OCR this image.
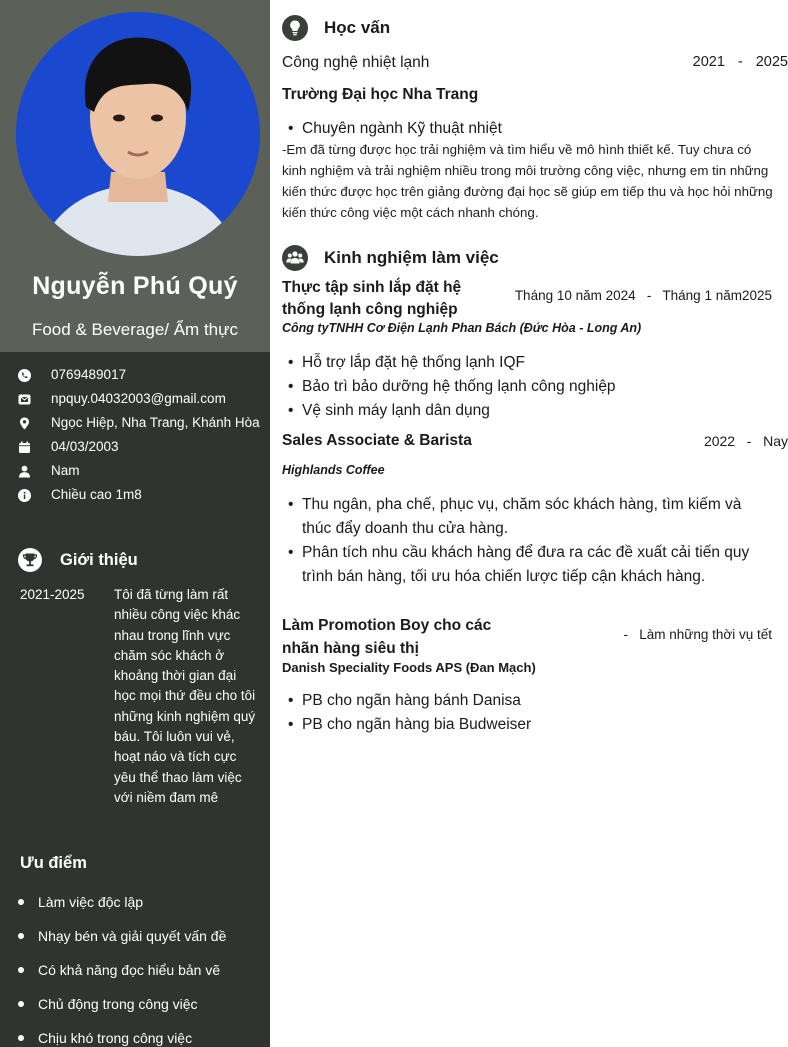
Nguyễn Phú Quý
Food & Beverage/ Ẩm thực
0769489017
npquy.04032003@gmail.com
Ngọc Hiệp, Nha Trang, Khánh Hòa
04/03/2003
Nam
Chiều cao 1m8
Giới thiệu
2021-2025	Tôi đã từng làm rất nhiều công việc khác nhau trong lĩnh vực chăm sóc khách ở khoảng thời gian đại học mọi thứ đều cho tôi những kinh nghiệm quý báu. Tôi luôn vui vẻ, hoạt náo và tích cực yêu thể thao làm việc với niềm đam mê
Ưu điểm
Làm việc độc lập
Nhạy bén và giải quyết vấn đề
Có khả năng đọc hiểu bản vẽ
Chủ động trong công việc
Chịu khó trong công việc
Học vấn
Công nghệ nhiệt lạnh	2021 - 2025
Trường Đại học Nha Trang
• Chuyên ngành Kỹ thuật nhiệt
-Em đã từng được học trải nghiệm và tìm hiểu về mô hình thiết kế. Tuy chưa có kinh nghiệm và trải nghiệm nhiều trong môi trường công việc, nhưng em tin những kiến thức được học trên giảng đường đại học sẽ giúp em tiếp thu và học hỏi những kiến thức công việc một cách nhanh chóng.
Kinh nghiệm làm việc
Thực tập sinh lắp đặt hệ thống lạnh công nghiệp
Tháng 10 năm 2024   -   Tháng 1 năm2025
Công tyTNHH Cơ Điện Lạnh Phan Bách (Đức Hòa - Long An)
• Hỗ trợ lắp đặt hệ thống lạnh IQF
• Bảo trì bảo dưỡng hệ thống lạnh công nghiệp
• Vệ sinh máy lạnh dân dụng
Sales Associate & Barista	2022   -   Nay
Highlands Coffee
• Thu ngân, pha chế, phục vụ, chăm sóc khách hàng, tìm kiếm và thúc đẩy doanh thu cửa hàng.
• Phân tích nhu cầu khách hàng để đưa ra các đề xuất cải tiến quy trình bán hàng, tối ưu hóa chiến lược tiếp cận khách hàng.
Làm Promotion Boy cho các nhãn hàng siêu thị
-   Làm những thời vụ tết
Danish Speciality Foods APS (Đan Mạch)
• PB cho ngãn hàng bánh Danisa
• PB cho ngãn hàng bia Budweiser
